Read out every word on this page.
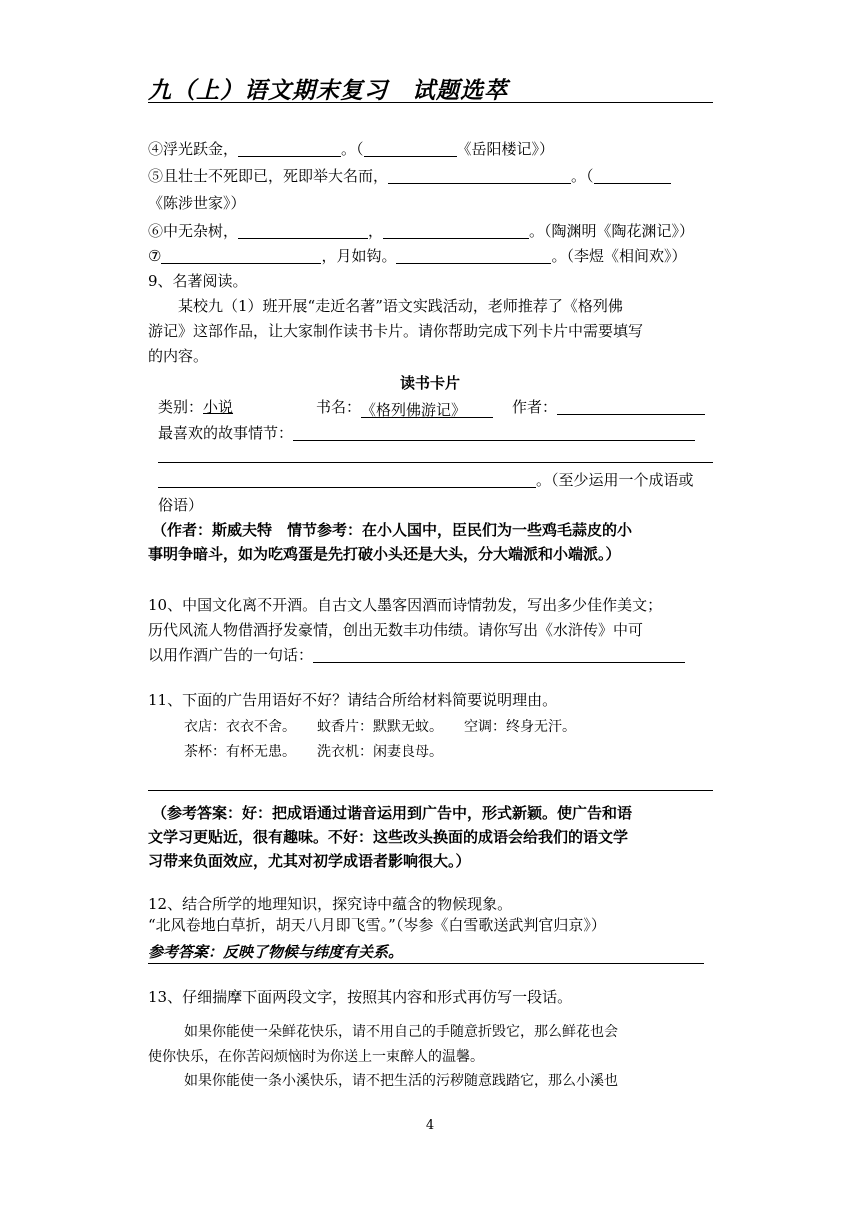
九（上）语文期末复习　试题选萃
④浮光跃金，	。（	《岳阳楼记》）
⑤且壮士不死即已，死即举大名而，	。（
《陈涉世家》）
⑥中无杂树，	，	。（陶渊明《陶花渊记》）
⑦	，月如钩。	。（李煜《相间欢》）
9、名著阅读。
某校九（1）班开展“走近名著”语文实践活动，老师推荐了《格列佛
游记》这部作品，让大家制作读书卡片。请你帮助完成下列卡片中需要填写
的内容。
读书卡片
类别：小说	书名：《格列佛游记》	作者：
最喜欢的故事情节：
。（至少运用一个成语或
俗语）
（作者：斯威夫特　情节参考：在小人国中，臣民们为一些鸡毛蒜皮的小
事明争暗斗，如为吃鸡蛋是先打破小头还是大头，分大端派和小端派。）
10、中国文化离不开酒。自古文人墨客因酒而诗情勃发，写出多少佳作美文；
历代风流人物借酒抒发豪情，创出无数丰功伟绩。请你写出《水浒传》中可
以用作酒广告的一句话：
11、下面的广告用语好不好？请结合所给材料简要说明理由。
衣店：衣衣不舍。　　蚊香片：默默无蚊。　　空调：终身无汗。
茶杯：有杯无患。　　洗衣机：闲妻良母。
（参考答案：好：把成语通过谐音运用到广告中，形式新颖。使广告和语
文学习更贴近，很有趣味。不好：这些改头换面的成语会给我们的语文学
习带来负面效应，尤其对初学成语者影响很大。）
12、结合所学的地理知识，探究诗中蕴含的物候现象。
“北风卷地白草折，胡天八月即飞雪。”（岑参《白雪歌送武判官归京》）
参考答案：反映了物候与纬度有关系。
13、仔细揣摩下面两段文字，按照其内容和形式再仿写一段话。
如果你能使一朵鲜花快乐，请不用自己的手随意折毁它，那么鲜花也会
使你快乐，在你苦闷烦恼时为你送上一束醉人的温馨。
如果你能使一条小溪快乐，请不把生活的污秽随意践踏它，那么小溪也
4
